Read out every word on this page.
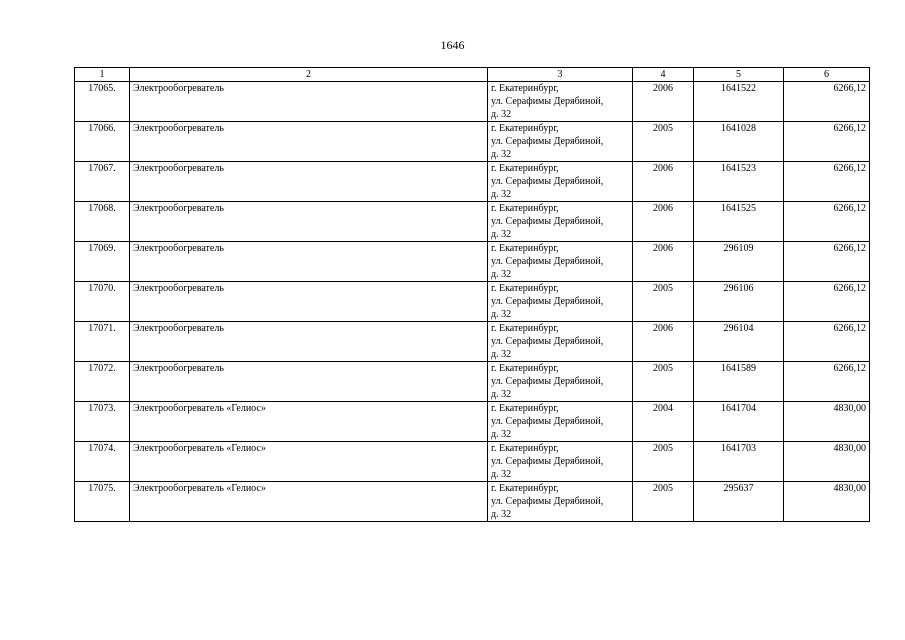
1646
1	2	3	4	5	6
17065.	Электрообогреватель	г. Екатеринбург,
ул. Серафимы Дерябиной,
д. 32	2006	1641522	6266,12
17066.	Электрообогреватель	г. Екатеринбург,
ул. Серафимы Дерябиной,
д. 32	2005	1641028	6266,12
17067.	Электрообогреватель	г. Екатеринбург,
ул. Серафимы Дерябиной,
д. 32	2006	1641523	6266,12
17068.	Электрообогреватель	г. Екатеринбург,
ул. Серафимы Дерябиной,
д. 32	2006	1641525	6266,12
17069.	Электрообогреватель	г. Екатеринбург,
ул. Серафимы Дерябиной,
д. 32	2006	296109	6266,12
17070.	Электрообогреватель	г. Екатеринбург,
ул. Серафимы Дерябиной,
д. 32	2005	296106	6266,12
17071.	Электрообогреватель	г. Екатеринбург,
ул. Серафимы Дерябиной,
д. 32	2006	296104	6266,12
17072.	Электрообогреватель	г. Екатеринбург,
ул. Серафимы Дерябиной,
д. 32	2005	1641589	6266,12
17073.	Электрообогреватель «Гелиос»	г. Екатеринбург,
ул. Серафимы Дерябиной,
д. 32	2004	1641704	4830,00
17074.	Электрообогреватель «Гелиос»	г. Екатеринбург,
ул. Серафимы Дерябиной,
д. 32	2005	1641703	4830,00
17075.	Электрообогреватель «Гелиос»	г. Екатеринбург,
ул. Серафимы Дерябиной,
д. 32	2005	295637	4830,00
